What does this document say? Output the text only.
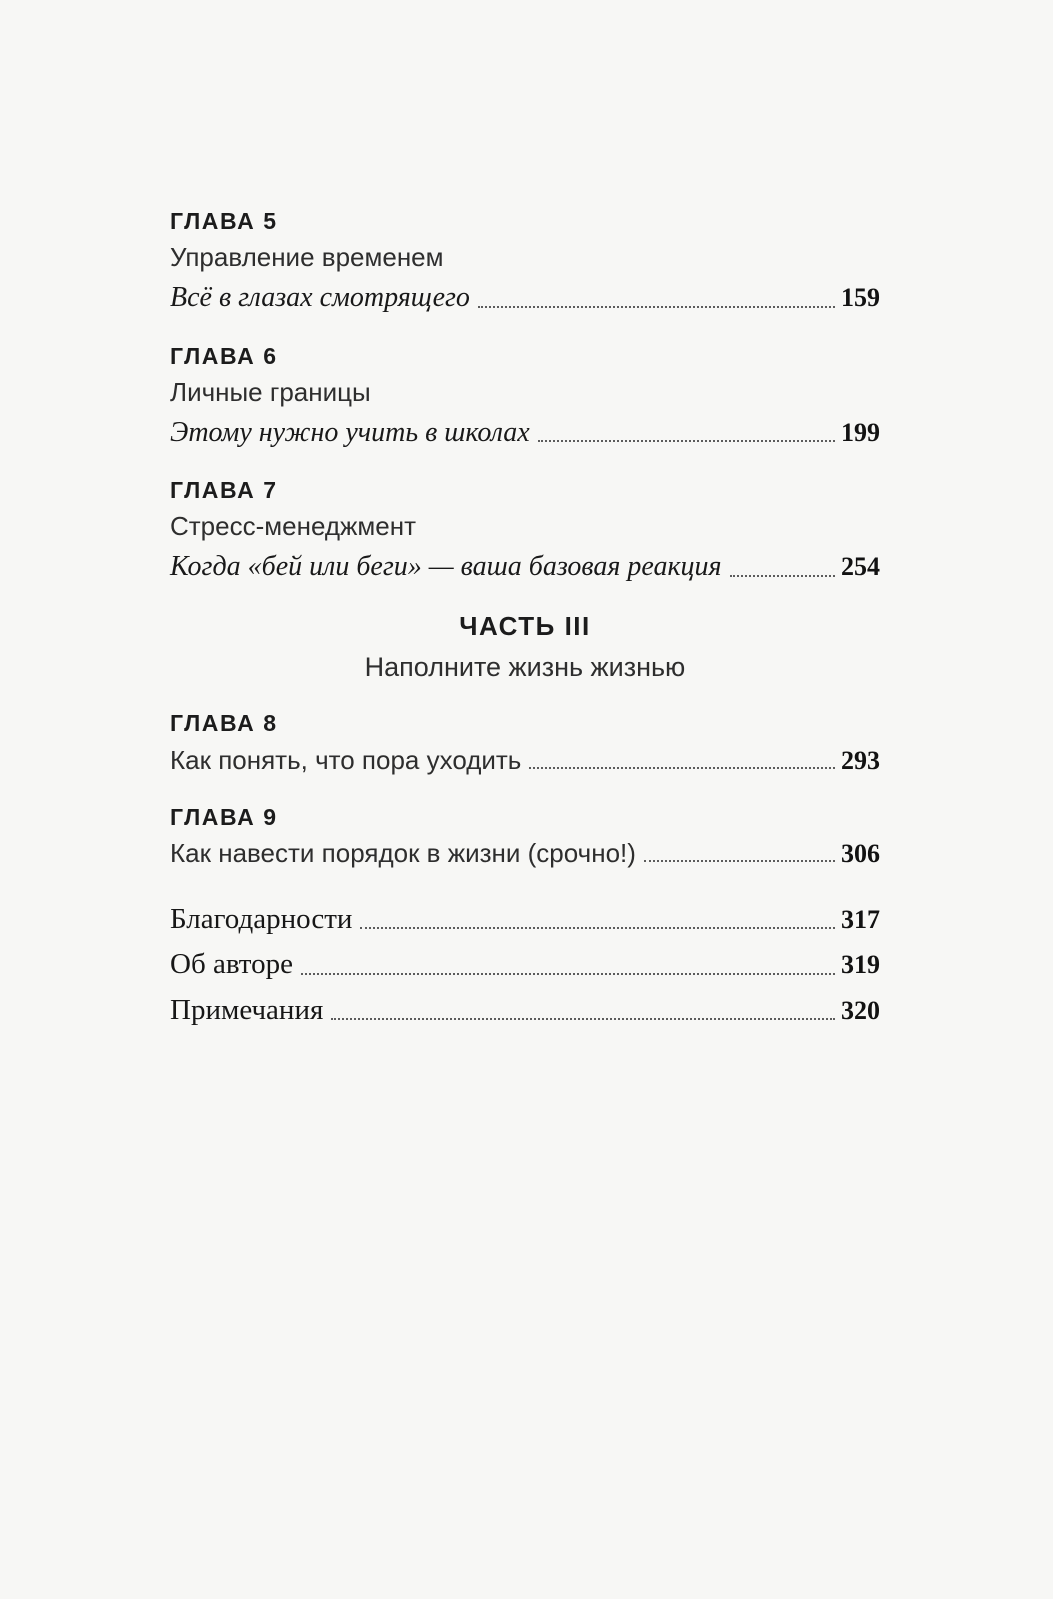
ГЛАВА 5
Управление временем
Всё в глазах смотрящего	159
ГЛАВА 6
Личные границы
Этому нужно учить в школах	199
ГЛАВА 7
Стресс-менеджмент
Когда «бей или беги» — ваша базовая реакция	254
ЧАСТЬ III
Наполните жизнь жизнью
ГЛАВА 8
Как понять, что пора уходить	293
ГЛАВА 9
Как навести порядок в жизни (срочно!)	306
Благодарности	317
Об авторе	319
Примечания	320
